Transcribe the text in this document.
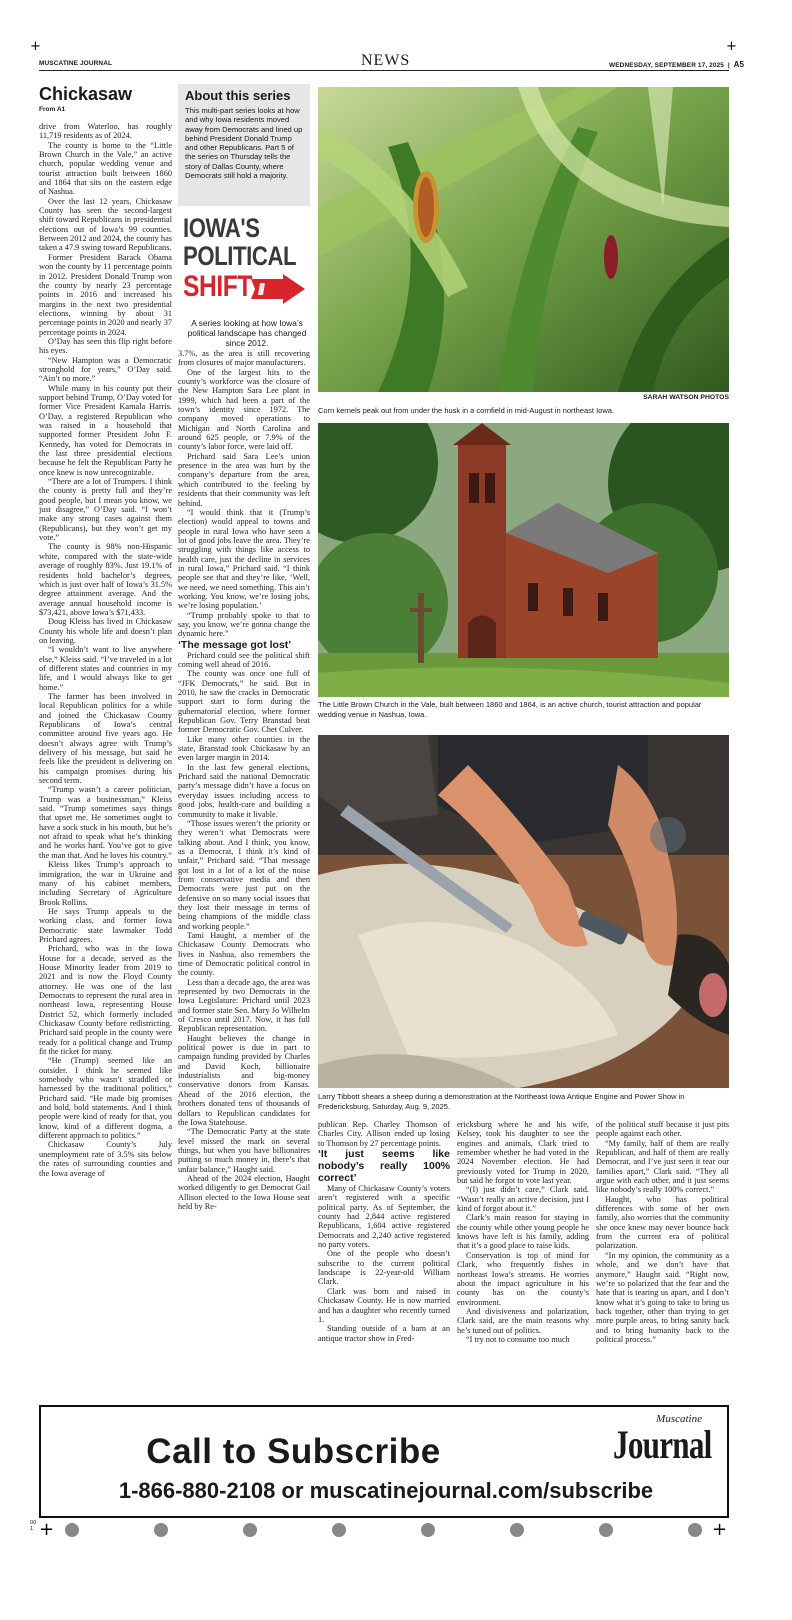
+	+
MUSCATINE JOURNAL	NEWS	WEDNESDAY, SEPTEMBER 17, 2025  |  A5
Chickasaw
From A1

drive from Waterloo, has roughly 11,719 residents as of 2024.

The county is home to the “Little Brown Church in the Vale,” an active church, popular wedding venue and tourist attraction built between 1860 and 1864 that sits on the eastern edge of Nashua.

Over the last 12 years, Chickasaw County has seen the second-largest shift toward Republicans in presidential elections out of Iowa’s 99 counties. Between 2012 and 2024, the county has taken a 47.9 swing toward Republicans.

Former President Barack Obama won the county by 11 percentage points in 2012. President Donald Trump won the county by nearly 23 percentage points in 2016 and increased his margins in the next two presidential elections, winning by about 31 percentage points in 2020 and nearly 37 percentage points in 2024.

O’Day has seen this flip right before his eyes.

“New Hampton was a Democratic stronghold for years,” O’Day said. “Ain’t no more.”

While many in his county put their support behind Trump, O’Day voted for former Vice President Kamala Harris. O’Day, a registered Republican who was raised in a household that supported former President John F. Kennedy, has voted for Democrats in the last three presidential elections because he felt the Republican Party he once knew is now unrecognizable.

“There are a lot of Trumpers. I think the county is pretty full and they’re good people, but I mean you know, we just disagree,” O’Day said. “I won’t make any strong cases against them (Republicans), but they won’t get my vote.”

The county is 98% non-Hispanic white, compared with the state-wide average of roughly 83%. Just 19.1% of residents hold bachelor’s degrees, which is just over half of Iowa’s 31.5% degree attainment average. And the average annual household income is $73,421, above Iowa’s $71,433.

Doug Kleiss has lived in Chickasaw County his whole life and doesn’t plan on leaving.

“I wouldn’t want to live anywhere else,” Kleiss said. “I’ve traveled in a lot of different states and countries in my life, and I would always like to get home.”

The farmer has been involved in local Republican politics for a while and joined the Chickasaw County Republicans of Iowa’s central committee around five years ago. He doesn’t always agree with Trump’s delivery of his message, but said he feels like the president is delivering on his campaign promises during his second term.

“Trump wasn’t a career politician, Trump was a businessman,” Kleiss said. “Trump sometimes says things that upset me. He sometimes ought to have a sock stuck in his mouth, but he’s not afraid to speak what he’s thinking and he works hard. You’ve got to give the man that. And he loves his country.”

Kleiss likes Trump’s approach to immigration, the war in Ukraine and many of his cabinet members, including Secretary of Agriculture Brook Rollins.

He says Trump appeals to the working class, and former Iowa Democratic state lawmaker Todd Prichard agrees.

Prichard, who was in the Iowa House for a decade, served as the House Minority leader from 2019 to 2021 and is now the Floyd County attorney. He was one of the last Democrats to represent the rural area in northeast Iowa, representing House District 52, which formerly included Chickasaw County before redistricting. Prichard said people in the county were ready for a political change and Trump fit the ticket for many.

“He (Trump) seemed like an outsider. I think he seemed like somebody who wasn’t straddled or harnessed by the traditional politics,” Prichard said. “He made big promises and bold, bold statements. And I think people were kind of ready for that, you know, kind of a different dogma, a different approach to politics.”

Chickasaw County’s July unemployment rate of 3.5% sits below the rates of surrounding counties and the Iowa average of

About this series
This multi-part series looks at how and why Iowa residents moved away from Democrats and lined up behind President Donald Trump and other Republicans. Part 5 of the series on Thursday tells the story of Dallas County, where Democrats still hold a majority.
IOWA'S
POLITICAL
SHIFT
A series looking at how Iowa’s political landscape has changed since 2012.

3.7%, as the area is still recovering from closures of major manufacturers.

One of the largest hits to the county’s workforce was the closure of the New Hampton Sara Lee plant in 1999, which had been a part of the town’s identity since 1972. The company moved operations to Michigan and North Carolina and around 625 people, or 7.9% of the county’s labor force, were laid off.

Prichard said Sara Lee’s union presence in the area was hurt by the company’s departure from the area, which contributed to the feeling by residents that their community was left behind.

“I would think that it (Trump’s election) would appeal to towns and people in rural Iowa who have seen a lot of good jobs leave the area. They’re struggling with things like access to health care, just the decline in services in rural Iowa,” Prichard said. “I think people see that and they’re like, ‘Well, we need, we need something. This ain’t working. You know, we’re losing jobs, we’re losing population.’

“Trump probably spoke to that to say, you know, we’re gonna change the dynamic here.”

‘The message got lost’

Prichard could see the political shift coming well ahead of 2016.

The county was once one full of “JFK Democrats,” he said. But in 2010, he saw the cracks in Democratic support start to form during the gubernatorial election, where former Republican Gov. Terry Branstad beat former Democratic Gov. Chet Culver.

Like many other counties in the state, Branstad took Chickasaw by an even larger margin in 2014.

In the last few general elections, Prichard said the national Democratic party’s message didn’t have a focus on everyday issues including access to good jobs, health-care and building a community to make it livable.

“Those issues weren’t the priority or they weren’t what Democrats were talking about. And I think, you know, as a Democrat, I think it’s kind of unfair,” Prichard said. “That message got lost in a lot of a lot of the noise from conservative media and then Democrats were just put on the defensive on so many social issues that they lost their message in terms of being champions of the middle class and working people.”

Tami Haught, a member of the Chickasaw County Democrats who lives in Nashua, also remembers the time of Democratic political control in the county.

Less than a decade ago, the area was represented by two Democrats in the Iowa Legislature: Prichard until 2023 and former state Sen. Mary Jo Wilhelm of Cresco until 2017. Now, it has full Republican representation.

Haught believes the change in political power is due in part to campaign funding provided by Charles and David Koch, billionaire industrialists and big-money conservative donors from Kansas. Ahead of the 2016 election, the brothers donated tens of thousands of dollars to Republican candidates for the Iowa Statehouse.

“The Democratic Party at the state level missed the mark on several things, but when you have billionaires putting so much money in, there’s that unfair balance,” Haught said.

Ahead of the 2024 election, Haught worked diligently to get Democrat Gail Allison elected to the Iowa House seat held by Re-

SARAH WATSON PHOTOS
Corn kernels peak out from under the husk in a cornfield in mid-August in northeast Iowa.
The Little Brown Church in the Vale, built between 1860 and 1864, is an active church, tourist attraction and popular wedding venue in Nashua, Iowa.
Larry Tibbott shears a sheep during a demonstration at the Northeast Iowa Antique Engine and Power Show in Fredericksburg, Saturday, Aug. 9, 2025.

publican Rep. Charley Thomson of Charles City. Allison ended up losing to Thomson by 27 percentage points.

‘It just seems like nobody’s really 100% correct’

Many of Chickasaw County’s voters aren’t registered with a specific political party. As of September, the county had 2,844 active registered Republicans, 1,604 active registered Democrats and 2,240 active registered no party voters.

One of the people who doesn’t subscribe to the current political landscape is 22-year-old William Clark.

Clark was born and raised in Chickasaw County. He is now married and has a daughter who recently turned 1.

Standing outside of a barn at an antique tractor show in Fred-

ericksburg where he and his wife, Kelsey, took his daughter to see the engines and animals, Clark tried to remember whether he had voted in the 2024 November election. He had previously voted for Trump in 2020, but said he forgot to vote last year.

“(I) just didn’t care,” Clark said. “Wasn’t really an active decision, just I kind of forgot about it.”

Clark’s main reason for staying in the county while other young people he knows have left is his family, adding that it’s a good place to raise kids.

Conservation is top of mind for Clark, who frequently fishes in northeast Iowa’s streams. He worries about the impact agriculture in his county has on the county’s environment.

And divisiveness and polarization, Clark said, are the main reasons why he’s tuned out of politics.

“I try not to consume too much

of the political stuff because it just pits people against each other.

“My family, half of them are really Republican, and half of them are really Democrat, and I’ve just seen it tear our families apart,” Clark said. “They all argue with each other, and it just seems like nobody’s really 100% correct.”

Haught, who has political differences with some of her own family, also worries that the community she once knew may never bounce back from the current era of political polarization.

“In my opinion, the community as a whole, and we don’t have that anymore,” Haught said. “Right now, we’re so polarized that the fear and the hate that is tearing us apart, and I don’t know what it’s going to take to bring us back together, other than trying to get more purple areas, to bring sanity back and to bring humanity back to the political process.”

Call to Subscribe
1-866-880-2108 or muscatinejournal.com/subscribe
Muscatine
Journal
00
1 +	+
